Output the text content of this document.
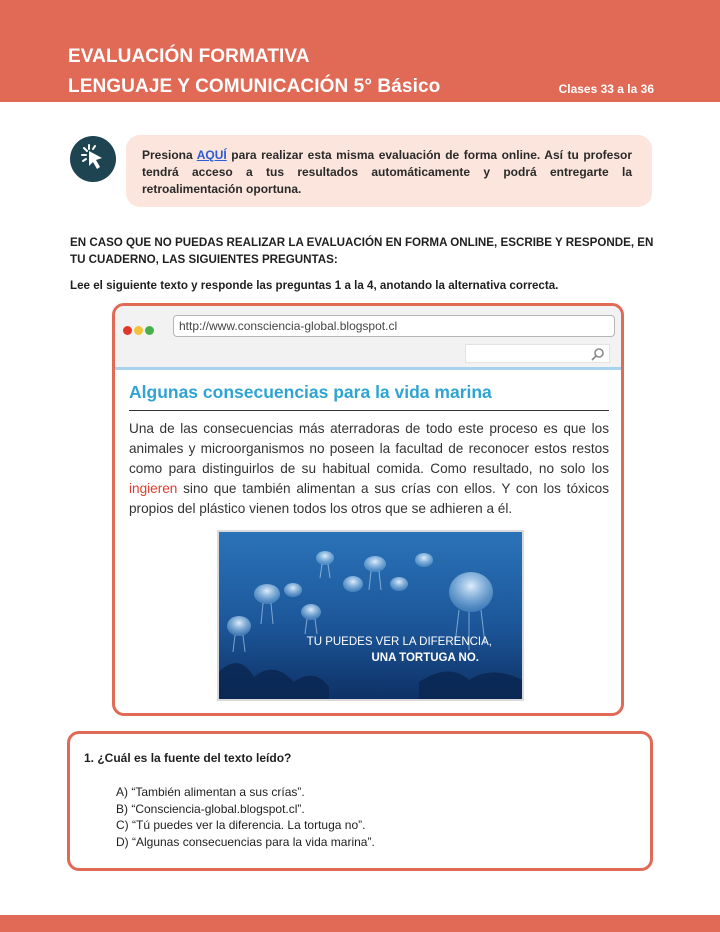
EVALUACIÓN FORMATIVA
LENGUAJE Y COMUNICACIÓN 5° Básico	Clases 33 a la 36
Presiona AQUÍ para realizar esta misma evaluación de forma online. Así tu profesor tendrá acceso a tus resultados automáticamente y podrá entregarte la retroalimentación oportuna.
EN CASO QUE NO PUEDAS REALIZAR LA EVALUACIÓN EN FORMA ONLINE, ESCRIBE Y RESPONDE, EN TU CUADERNO, LAS SIGUIENTES PREGUNTAS:
Lee el siguiente texto y responde las preguntas 1 a la 4, anotando la alternativa correcta.
http://www.consciencia-global.blogspot.cl
Algunas consecuencias para la vida marina
Una de las consecuencias más aterradoras de todo este proceso es que los animales y microorganismos no poseen la facultad de reconocer estos restos como para distinguirlos de su habitual comida. Como resultado, no solo los ingieren sino que también alimentan a sus crías con ellos. Y con los tóxicos propios del plástico vienen todos los otros que se adhieren a él.
TU PUEDES VER LA DIFERENCIA,
UNA TORTUGA NO.
1. ¿Cuál es la fuente del texto leído?
A) “También alimentan a sus crías”.
B) “Consciencia-global.blogspot.cl”.
C) “Tú puedes ver la diferencia. La tortuga no”.
D) “Algunas consecuencias para la vida marina”.
